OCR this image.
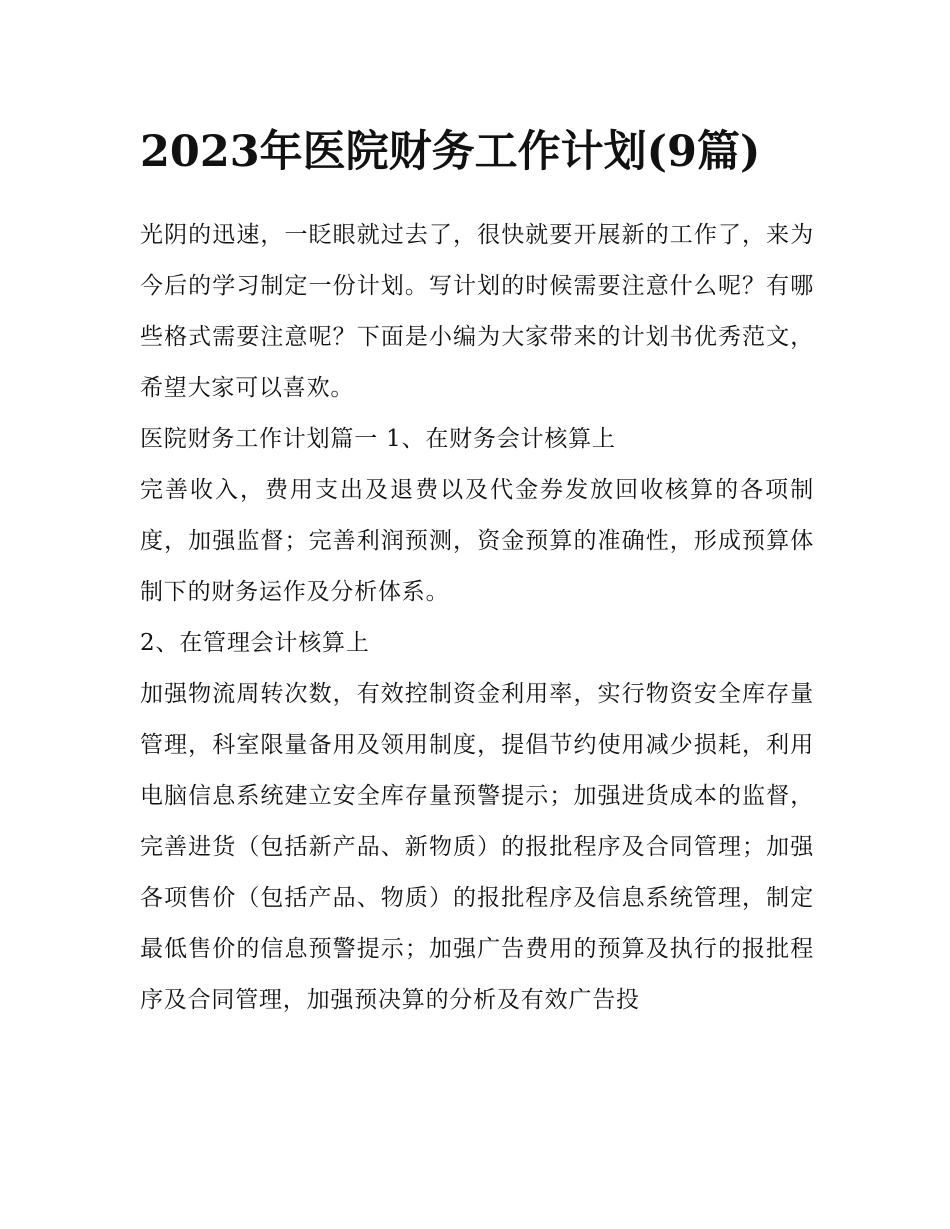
2023年医院财务工作计划(9篇)

光阴的迅速，一眨眼就过去了，很快就要开展新的工作了，来为今后的学习制定一份计划。写计划的时候需要注意什么呢？有哪些格式需要注意呢？下面是小编为大家带来的计划书优秀范文，希望大家可以喜欢。

医院财务工作计划篇一 1、在财务会计核算上

完善收入，费用支出及退费以及代金券发放回收核算的各项制度，加强监督；完善利润预测，资金预算的准确性，形成预算体制下的财务运作及分析体系。

2、在管理会计核算上

加强物流周转次数，有效控制资金利用率，实行物资安全库存量管理，科室限量备用及领用制度，提倡节约使用减少损耗，利用电脑信息系统建立安全库存量预警提示；加强进货成本的监督，完善进货（包括新产品、新物质）的报批程序及合同管理；加强各项售价（包括产品、物质）的报批程序及信息系统管理，制定最低售价的信息预警提示；加强广告费用的预算及执行的报批程序及合同管理，加强预决算的分析及有效广告投
